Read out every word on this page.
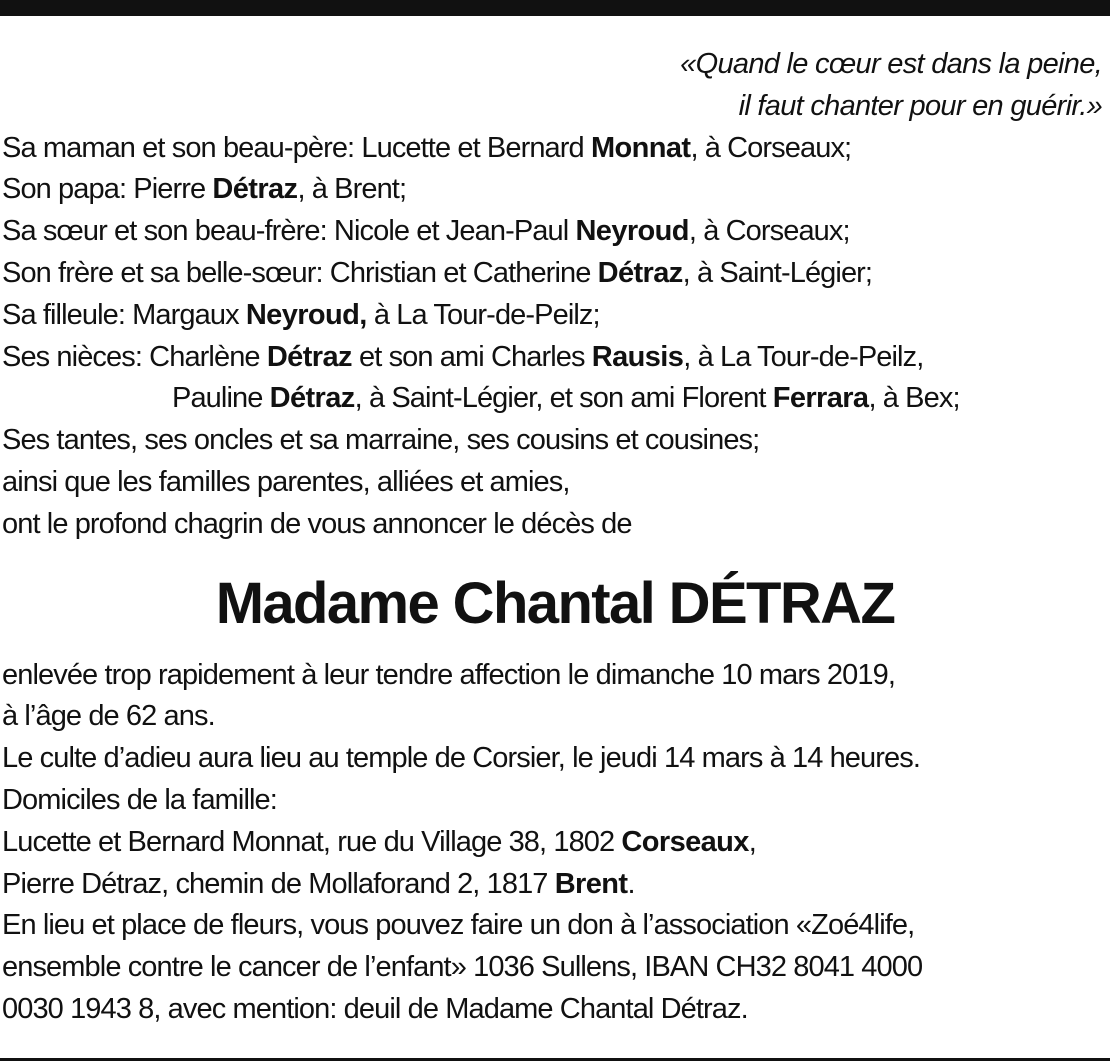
«Quand le cœur est dans la peine,
il faut chanter pour en guérir.»
Sa maman et son beau-père: Lucette et Bernard Monnat, à Corseaux;
Son papa: Pierre Détraz, à Brent;
Sa sœur et son beau-frère: Nicole et Jean-Paul Neyroud, à Corseaux;
Son frère et sa belle-sœur: Christian et Catherine Détraz, à Saint-Légier;
Sa filleule: Margaux Neyroud, à La Tour-de-Peilz;
Ses nièces: Charlène Détraz et son ami Charles Rausis, à La Tour-de-Peilz,
Pauline Détraz, à Saint-Légier, et son ami Florent Ferrara, à Bex;
Ses tantes, ses oncles et sa marraine, ses cousins et cousines;
ainsi que les familles parentes, alliées et amies,
ont le profond chagrin de vous annoncer le décès de
Madame Chantal DÉTRAZ
enlevée trop rapidement à leur tendre affection le dimanche 10 mars 2019,
à l’âge de 62 ans.
Le culte d’adieu aura lieu au temple de Corsier, le jeudi 14 mars à 14 heures.
Domiciles de la famille:
Lucette et Bernard Monnat, rue du Village 38, 1802 Corseaux,
Pierre Détraz, chemin de Mollaforand 2, 1817 Brent.
En lieu et place de fleurs, vous pouvez faire un don à l’association «Zoé4life,
ensemble contre le cancer de l’enfant» 1036 Sullens, IBAN CH32 8041 4000
0030 1943 8, avec mention: deuil de Madame Chantal Détraz.
